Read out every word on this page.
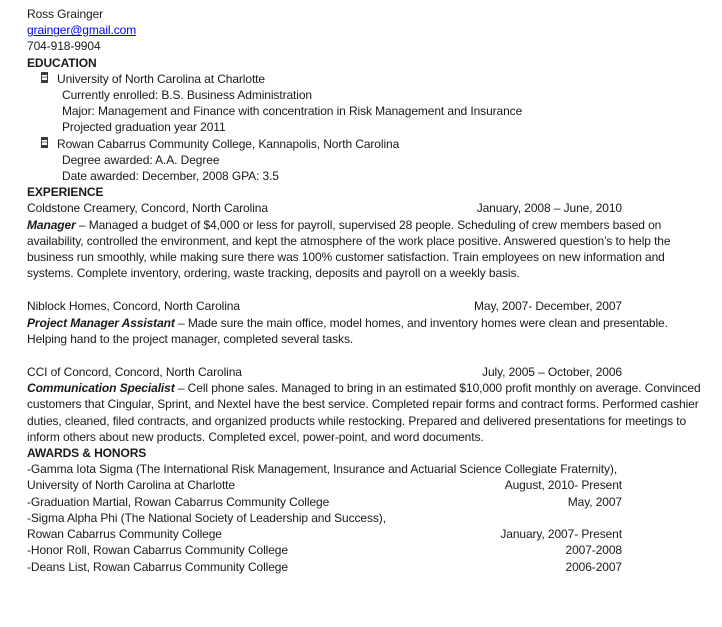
Ross Grainger

grainger@gmail.com

704-918-9904

EDUCATION

University of North Carolina at Charlotte

Currently enrolled: B.S. Business Administration

Major: Management and Finance with concentration in Risk Management and Insurance

Projected graduation year 2011

Rowan Cabarrus Community College, Kannapolis, North Carolina

Degree awarded: A.A. Degree

Date awarded: December, 2008 GPA: 3.5

EXPERIENCE

Coldstone Creamery, Concord, North Carolina	January, 2008 – June, 2010

Manager – Managed a budget of $4,000 or less for payroll, supervised 28 people. Scheduling of crew members based on availability, controlled the environment, and kept the atmosphere of the work place positive. Answered question’s to help the business run smoothly, while making sure there was 100% customer satisfaction. Train employees on new information and systems. Complete inventory, ordering, waste tracking, deposits and payroll on a weekly basis.

Niblock Homes, Concord, North Carolina	May, 2007- December, 2007

Project Manager Assistant – Made sure the main office, model homes, and inventory homes were clean and presentable. Helping hand to the project manager, completed several tasks.

CCI of Concord, Concord, North Carolina	July, 2005 – October, 2006

Communication Specialist – Cell phone sales. Managed to bring in an estimated $10,000 profit monthly on average. Convinced customers that Cingular, Sprint, and Nextel have the best service. Completed repair forms and contract forms. Performed cashier duties, cleaned, filed contracts, and organized products while restocking. Prepared and delivered presentations for meetings to inform others about new products. Completed excel, power-point, and word documents.

AWARDS & HONORS

-Gamma Iota Sigma (The International Risk Management, Insurance and Actuarial Science Collegiate Fraternity),

University of North Carolina at Charlotte	August, 2010- Present

-Graduation Martial, Rowan Cabarrus Community College	May, 2007

-Sigma Alpha Phi (The National Society of Leadership and Success),

Rowan Cabarrus Community College	January, 2007- Present

-Honor Roll, Rowan Cabarrus Community College	2007-2008

-Deans List, Rowan Cabarrus Community College	2006-2007
